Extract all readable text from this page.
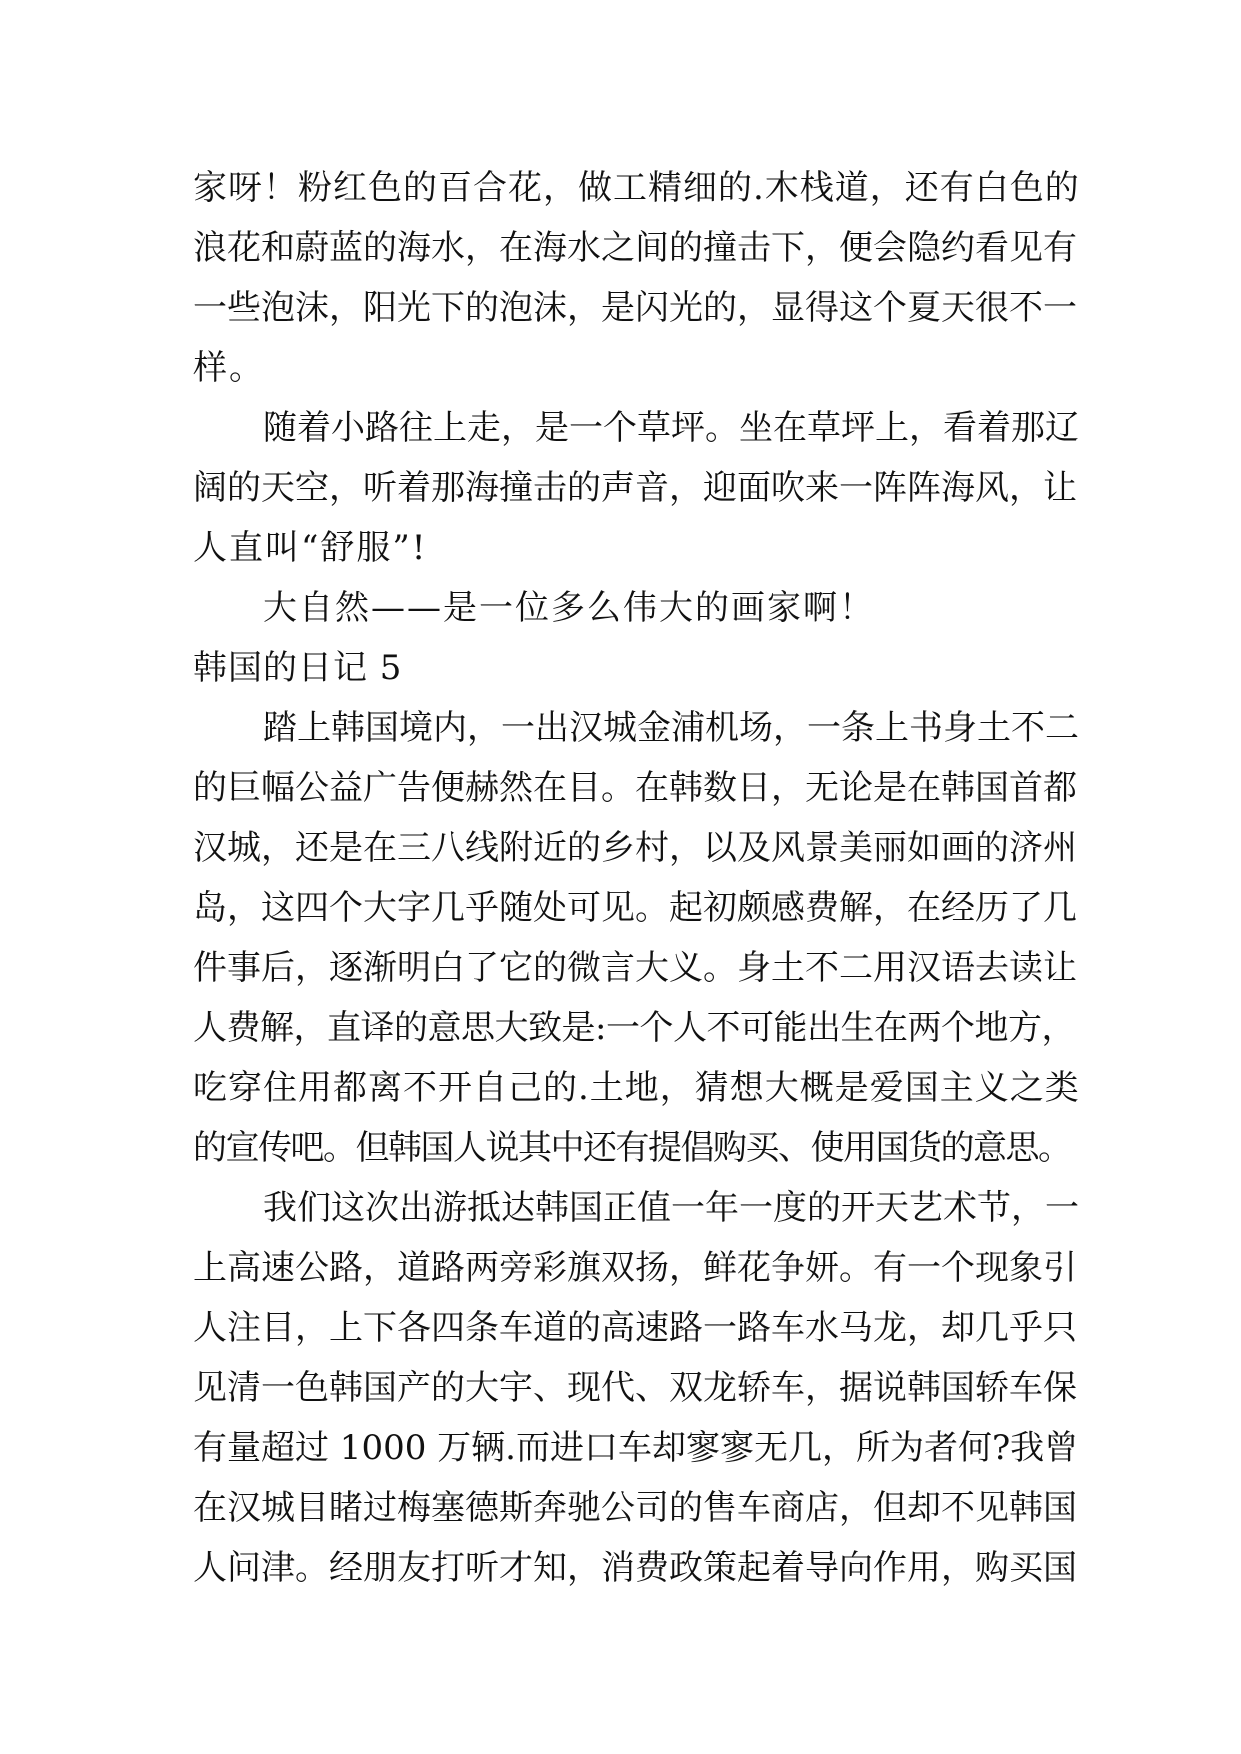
家呀！粉红色的百合花，做工精细的.木栈道，还有白色的
浪花和蔚蓝的海水，在海水之间的撞击下，便会隐约看见有
一些泡沫，阳光下的泡沫，是闪光的，显得这个夏天很不一
样。
随着小路往上走，是一个草坪。坐在草坪上，看着那辽
阔的天空，听着那海撞击的声音，迎面吹来一阵阵海风，让
人直叫“舒服”!
大自然——是一位多么伟大的画家啊！
韩国的日记 5
踏上韩国境内，一出汉城金浦机场，一条上书身土不二
的巨幅公益广告便赫然在目。在韩数日，无论是在韩国首都
汉城，还是在三八线附近的乡村，以及风景美丽如画的济州
岛，这四个大字几乎随处可见。起初颇感费解，在经历了几
件事后，逐渐明白了它的微言大义。身土不二用汉语去读让
人费解，直译的意思大致是:一个人不可能出生在两个地方，
吃穿住用都离不开自己的.土地，猜想大概是爱国主义之类
的宣传吧。但韩国人说其中还有提倡购买、使用国货的意思。
我们这次出游抵达韩国正值一年一度的开天艺术节，一
上高速公路，道路两旁彩旗双扬，鲜花争妍。有一个现象引
人注目，上下各四条车道的高速路一路车水马龙，却几乎只
见清一色韩国产的大宇、现代、双龙轿车，据说韩国轿车保
有量超过 1000 万辆.而进口车却寥寥无几，所为者何?我曾
在汉城目睹过梅塞德斯奔驰公司的售车商店，但却不见韩国
人问津。经朋友打听才知，消费政策起着导向作用，购买国
